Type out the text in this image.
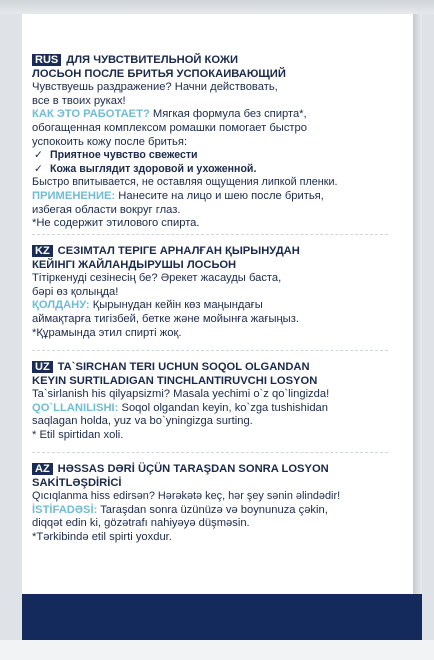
RUS ДЛЯ ЧУВСТВИТЕЛЬНОЙ КОЖИ

ЛОСЬОН ПОСЛЕ БРИТЬЯ УСПОКАИВАЮЩИЙ

Чувствуешь раздражение? Начни действовать,

все в твоих руках!

КАК ЭТО РАБОТАЕТ? Мягкая формула без спирта*,

обогащенная комплексом ромашки помогает быстро

успокоить кожу после бритья:

✓ Приятное чувство свежести
✓ Кожа выглядит здоровой и ухоженной.

Быстро впитывается, не оставляя ощущения липкой пленки.

ПРИМЕНЕНИЕ: Нанесите на лицо и шею после бритья,

избегая области вокруг глаз.

*Не содержит этилового спирта.

KZ СЕЗІМТАЛ ТЕРІГЕ АРНАЛҒАН ҚЫРЫНУДАН

КЕЙІНГІ ЖАЙЛАНДЫРУШЫ ЛОСЬОН

Тітіркенуді сезінесің бе? Әрекет жасауды баста,

бәрі өз қолыңда!

ҚОЛДАНУ: Қырынудан кейін көз маңындағы

аймақтарға тигізбей, бетке және мойынға жағыңыз.

*Құрамында этил спирті жоқ.

UZ TA`SIRCHAN TERI UCHUN SOQOL OLGANDAN

KEYIN SURTILADIGAN TINCHLANTIRUVCHI LOSYON

Ta`sirlanish his qilyapsizmi? Masala yechimi o`z qo`lingizda!

QO`LLANILISHI: Soqol olgandan keyin, ko`zga tushishidan

saqlagan holda, yuz va bo`yningizga surting.

* Etil spirtidan xoli.

AZ HƏSSAS DƏRİ ÜÇÜN TARAŞDAN SONRA LOSYON

SAKİTLƏŞDİRİCİ

Qıcıqlanma hiss edirsən? Hərəkətə keç, hər şey sənin əlindədir!

İSTİFADƏSİ: Taraşdan sonra üzünüzə və boynunuza çəkin,

diqqət edin ki, gözətrafı nahiyəyə düşməsin.

*Tərkibində etil spirti yoxdur.
